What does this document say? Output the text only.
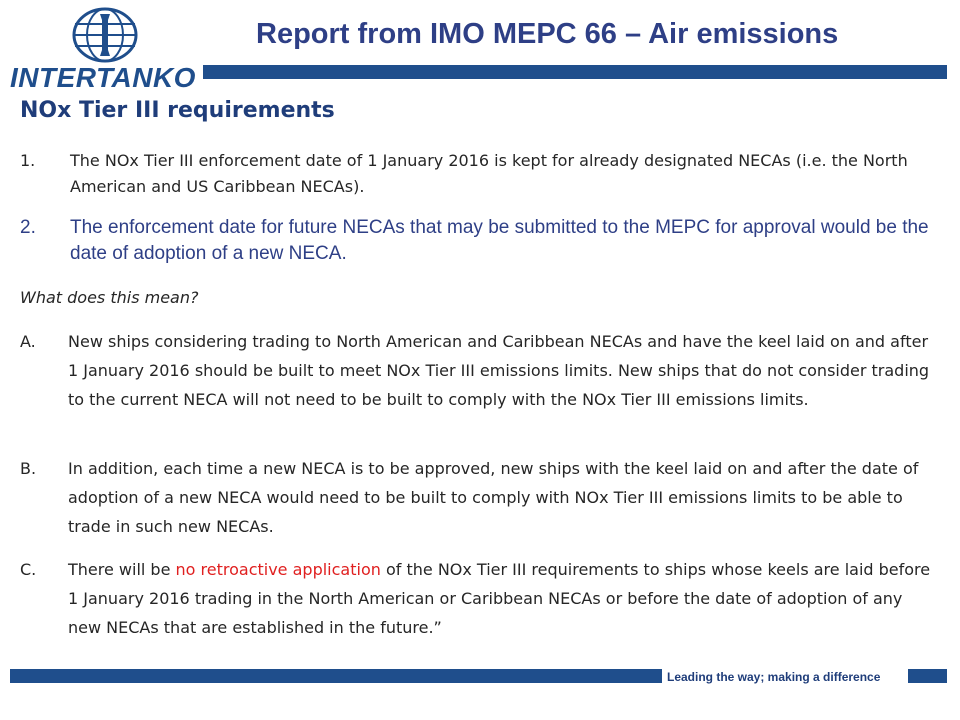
INTERTANKO
Report from IMO MEPC 66 – Air emissions
NOx Tier III requirements
1. The NOx Tier III enforcement date of 1 January 2016 is kept for already designated NECAs (i.e. the North American and US Caribbean NECAs).
2. The enforcement date for future NECAs that may be submitted to the MEPC for approval would be the date of adoption of a new NECA.
What does this mean?
A. New ships considering trading to North American and Caribbean NECAs and have the keel laid on and after 1 January 2016 should be built to meet NOx Tier III emissions limits. New ships that do not consider trading to the current NECA will not need to be built to comply with the NOx Tier III emissions limits.
B. In addition, each time a new NECA is to be approved, new ships with the keel laid on and after the date of adoption of a new NECA would need to be built to comply with NOx Tier III emissions limits to be able to trade in such new NECAs.
C. There will be no retroactive application of the NOx Tier III requirements to ships whose keels are laid before 1 January 2016 trading in the North American or Caribbean NECAs or before the date of adoption of any new NECAs that are established in the future.”
Leading the way; making a difference
